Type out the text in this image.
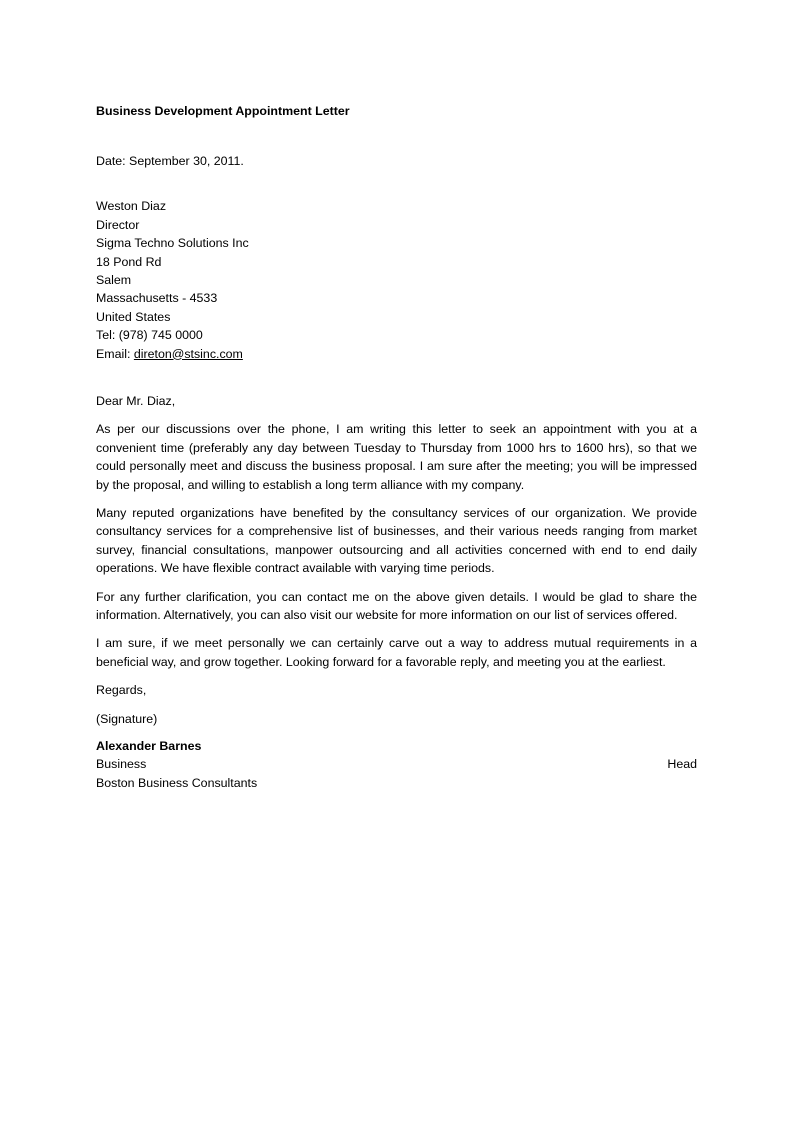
Business Development Appointment Letter
Date: September 30, 2011.
Weston Diaz
Director
Sigma Techno Solutions Inc
18 Pond Rd
Salem
Massachusetts - 4533
United States
Tel: (978) 745 0000
Email: direton@stsinc.com
Dear Mr. Diaz,
As per our discussions over the phone, I am writing this letter to seek an appointment with you at a convenient time (preferably any day between Tuesday to Thursday from 1000 hrs to 1600 hrs), so that we could personally meet and discuss the business proposal. I am sure after the meeting; you will be impressed by the proposal, and willing to establish a long term alliance with my company.
Many reputed organizations have benefited by the consultancy services of our organization. We provide consultancy services for a comprehensive list of businesses, and their various needs ranging from market survey, financial consultations, manpower outsourcing and all activities concerned with end to end daily operations. We have flexible contract available with varying time periods.
For any further clarification, you can contact me on the above given details. I would be glad to share the information. Alternatively, you can also visit our website for more information on our list of services offered.
I am sure, if we meet personally we can certainly carve out a way to address mutual requirements in a beneficial way, and grow together. Looking forward for a favorable reply, and meeting you at the earliest.
Regards,
(Signature)
Alexander Barnes
Business	Head
Boston Business Consultants
